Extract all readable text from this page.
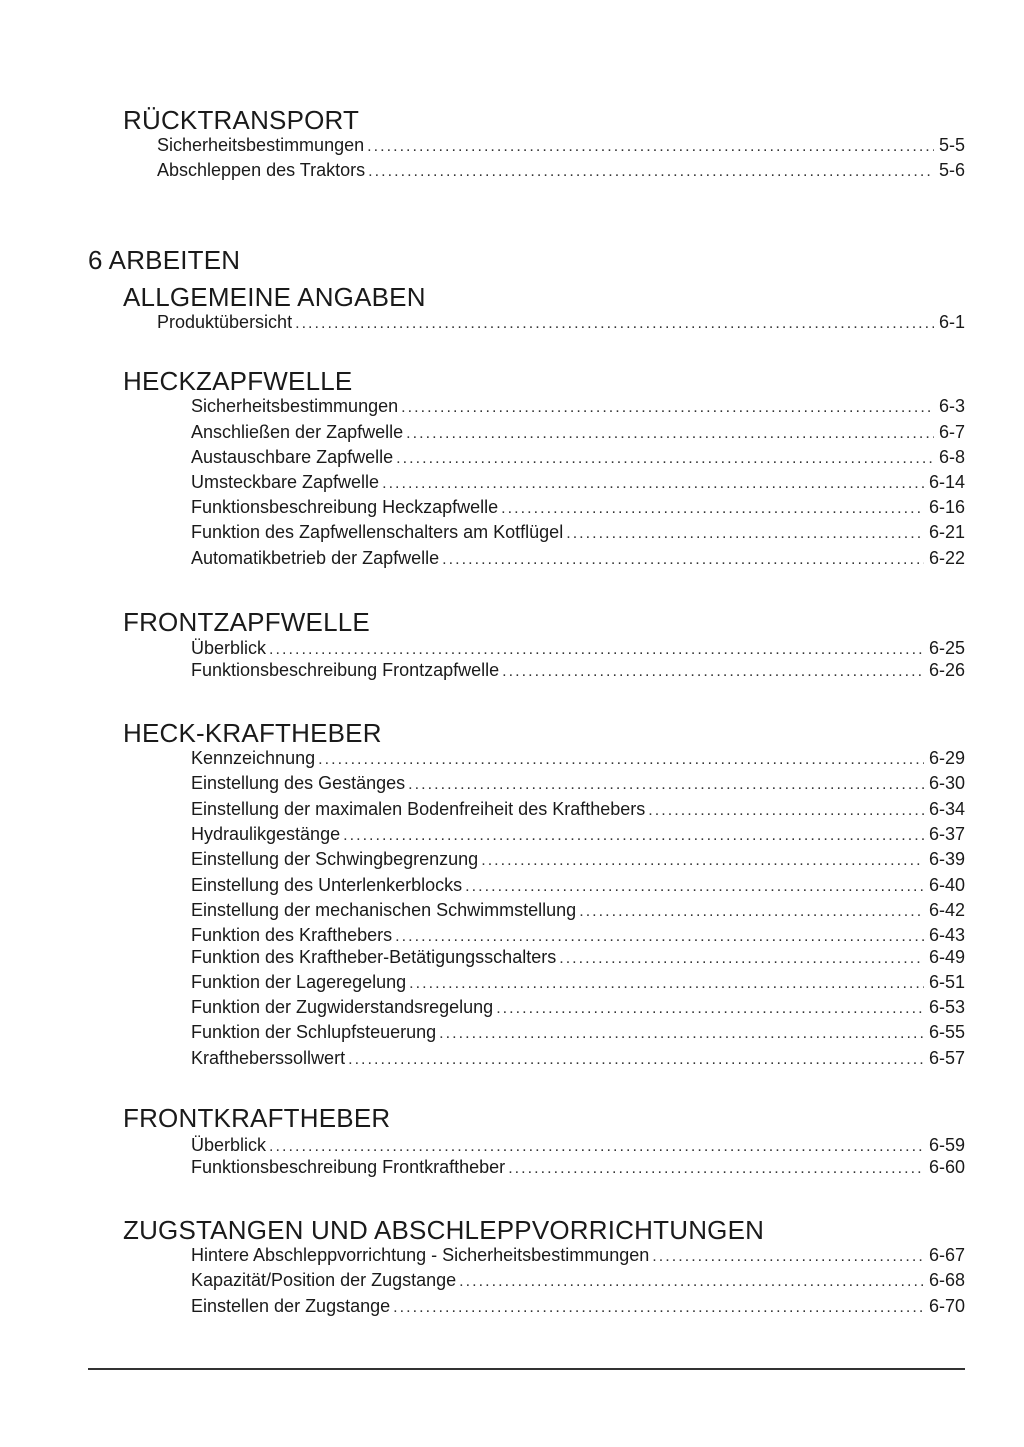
RÜCKTRANSPORT
Sicherheitsbestimmungen . . .	5-5
Abschleppen des Traktors . . .	5-6
6 ARBEITEN
ALLGEMEINE ANGABEN
Produktübersicht . . .	6-1
HECKZAPFWELLE
Sicherheitsbestimmungen . . .	6-3
Anschließen der Zapfwelle . . .	6-7
Austauschbare Zapfwelle . . .	6-8
Umsteckbare Zapfwelle . . .	6-14
Funktionsbeschreibung Heckzapfwelle . . .	6-16
Funktion des Zapfwellenschalters am Kotflügel . . .	6-21
Automatikbetrieb der Zapfwelle . . .	6-22
FRONTZAPFWELLE
Überblick . . .	6-25
Funktionsbeschreibung Frontzapfwelle . . .	6-26
HECK-KRAFTHEBER
Kennzeichnung . . .	6-29
Einstellung des Gestänges . . .	6-30
Einstellung der maximalen Bodenfreiheit des Krafthebers . . .	6-34
Hydraulikgestänge . . .	6-37
Einstellung der Schwingbegrenzung . . .	6-39
Einstellung des Unterlenkerblocks . . .	6-40
Einstellung der mechanischen Schwimmstellung . . .	6-42
Funktion des Krafthebers . . .	6-43
Funktion des Kraftheber-Betätigungsschalters . . .	6-49
Funktion der Lageregelung . . .	6-51
Funktion der Zugwiderstandsregelung . . .	6-53
Funktion der Schlupfsteuerung . . .	6-55
Kraftheberssollwert . . .	6-57
FRONTKRAFTHEBER
Überblick . . .	6-59
Funktionsbeschreibung Frontkraftheber . . .	6-60
ZUGSTANGEN UND ABSCHLEPPVORRICHTUNGEN
Hintere Abschleppvorrichtung - Sicherheitsbestimmungen . . .	6-67
Kapazität/Position der Zugstange . . .	6-68
Einstellen der Zugstange . . .	6-70
